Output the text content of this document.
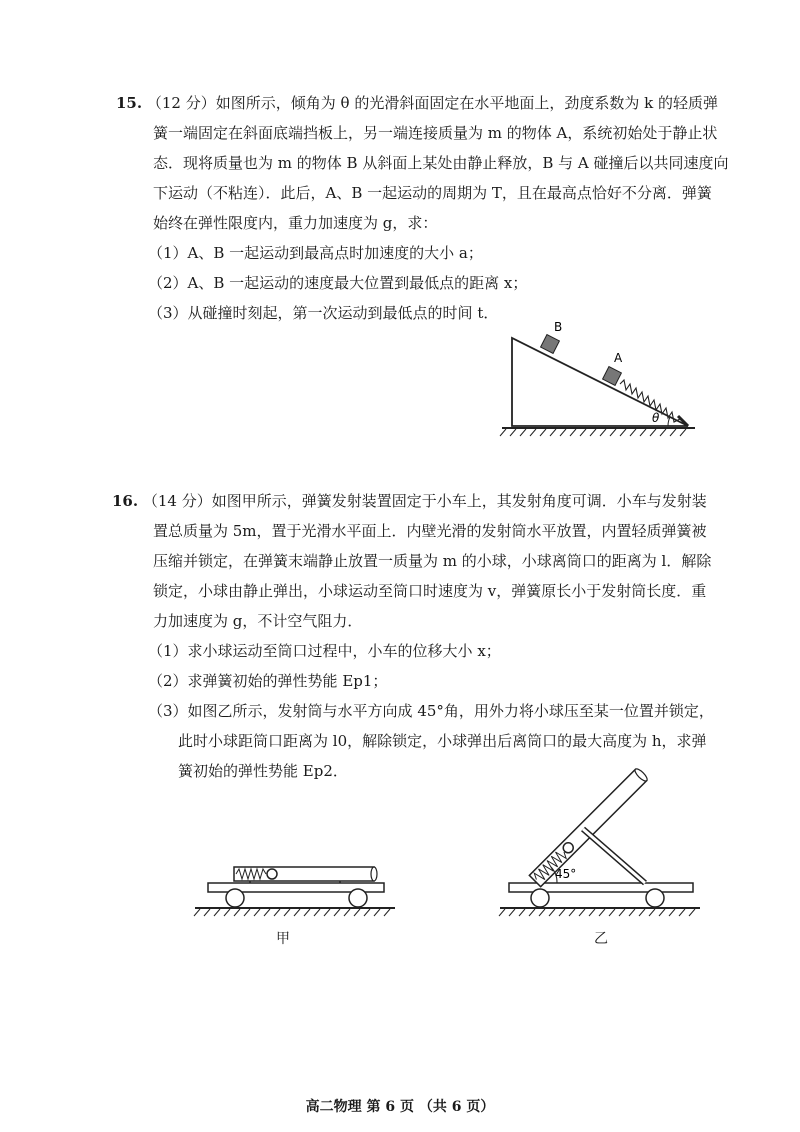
15. （12 分）如图所示，倾角为 θ 的光滑斜面固定在水平地面上，劲度系数为 k 的轻质弹
簧一端固定在斜面底端挡板上，另一端连接质量为 m 的物体 A，系统初始处于静止状
态．现将质量也为 m 的物体 B 从斜面上某处由静止释放，B 与 A 碰撞后以共同速度向
下运动（不粘连）．此后，A、B 一起运动的周期为 T，且在最高点恰好不分离．弹簧
始终在弹性限度内，重力加速度为 g，求：
（1）A、B 一起运动到最高点时加速度的大小 a；
（2）A、B 一起运动的速度最大位置到最低点的距离 x；
（3）从碰撞时刻起，第一次运动到最低点的时间 t．
B
A
θ
16. （14 分）如图甲所示，弹簧发射装置固定于小车上，其发射角度可调．小车与发射装
置总质量为 5m，置于光滑水平面上．内壁光滑的发射筒水平放置，内置轻质弹簧被
压缩并锁定，在弹簧末端静止放置一质量为 m 的小球，小球离筒口的距离为 l．解除
锁定，小球由静止弹出，小球运动至筒口时速度为 v，弹簧原长小于发射筒长度．重
力加速度为 g，不计空气阻力．
（1）求小球运动至筒口过程中，小车的位移大小 x；
（2）求弹簧初始的弹性势能 Ep1；
（3）如图乙所示，发射筒与水平方向成 45°角，用外力将小球压至某一位置并锁定，
此时小球距筒口距离为 l0，解除锁定，小球弹出后离筒口的最大高度为 h，求弹
簧初始的弹性势能 Ep2．
甲
45°
乙
高二物理 第 6 页 （共 6 页）
